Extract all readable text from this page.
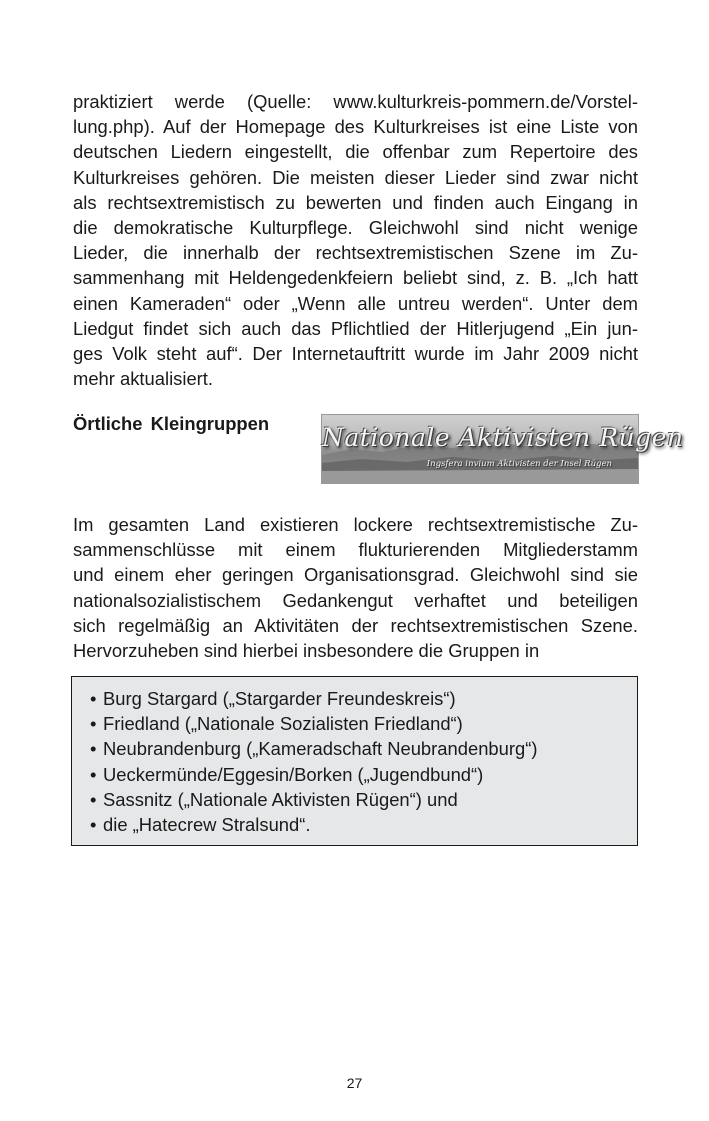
praktiziert werde (Quelle: www.kulturkreis-pommern.de/Vorstel-
lung.php). Auf der Homepage des Kulturkreises ist eine Liste von
deutschen Liedern eingestellt, die offenbar zum Repertoire des
Kulturkreises gehören. Die meisten dieser Lieder sind zwar nicht
als rechtsextremistisch zu bewerten und finden auch Eingang in
die demokratische Kulturpflege. Gleichwohl sind nicht wenige
Lieder, die innerhalb der rechtsextremistischen Szene im Zu-
sammenhang mit Heldengedenkfeiern beliebt sind, z. B. „Ich hatt
einen Kameraden“ oder „Wenn alle untreu werden“. Unter dem
Liedgut findet sich auch das Pflichtlied der Hitlerjugend „Ein jun-
ges Volk steht auf“. Der Internetauftritt wurde im Jahr 2009 nicht
mehr aktualisiert.
Örtliche Kleingruppen Nationale Aktivisten Rügen
Ingsfera invium Aktivisten der Insel Rügen
Im gesamten Land existieren lockere rechtsextremistische Zu-
sammenschlüsse mit einem flukturierenden Mitgliederstamm
und einem eher geringen Organisationsgrad. Gleichwohl sind sie
nationalsozialistischem Gedankengut verhaftet und beteiligen
sich regelmäßig an Aktivitäten der rechtsextremistischen Szene.
Hervorzuheben sind hierbei insbesondere die Gruppen in
• Burg Stargard („Stargarder Freundeskreis“)
• Friedland („Nationale Sozialisten Friedland“)
• Neubrandenburg („Kameradschaft Neubrandenburg“)
• Ueckermünde/Eggesin/Borken („Jugendbund“)
• Sassnitz („Nationale Aktivisten Rügen“) und
• die „Hatecrew Stralsund“.
27
